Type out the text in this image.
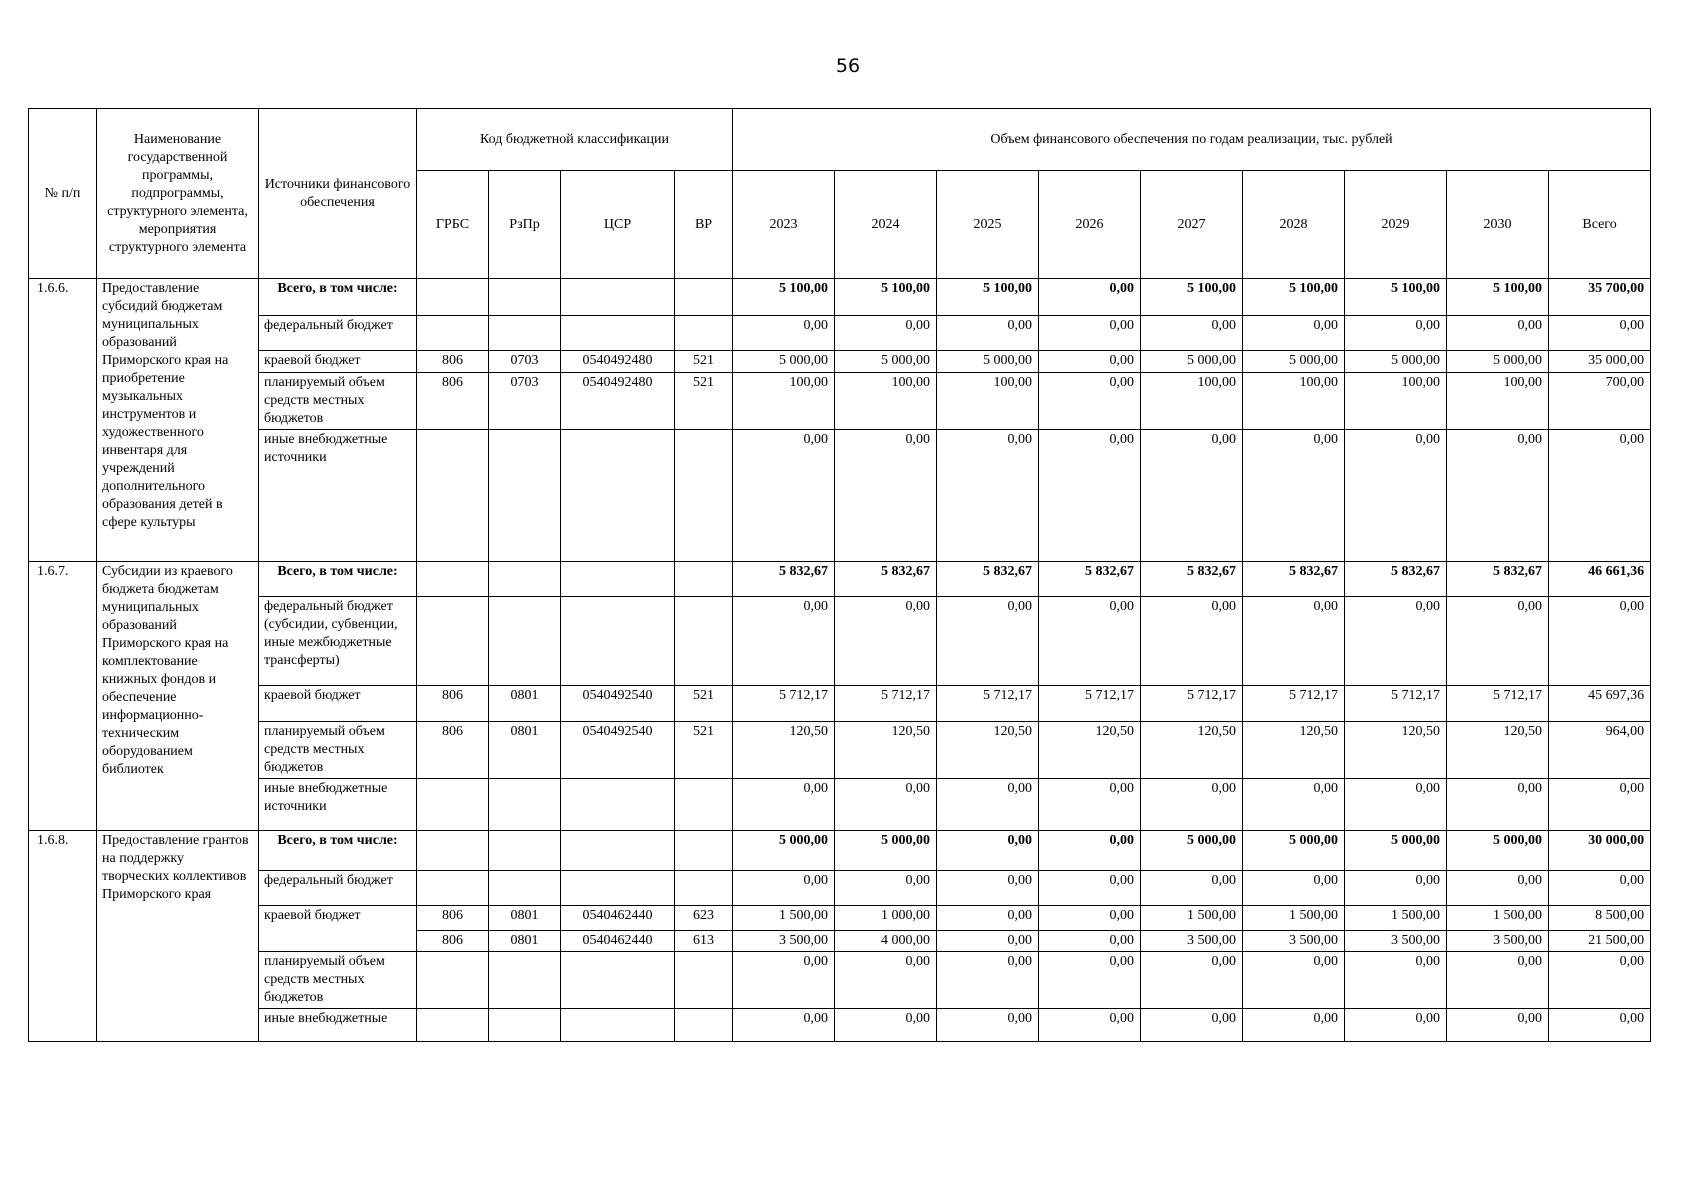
56
№ п/п	Наименование государственной программы, подпрограммы, структурного элемента, мероприятия структурного элемента	Источники финансового обеспечения	Код бюджетной классификации				Объем финансового обеспечения по годам реализации, тыс. рублей								
			ГРБС	РзПр	ЦСР	ВР	2023	2024	2025	2026	2027	2028	2029	2030	Всего
1.6.6.	Предоставление субсидий бюджетам муниципальных образований Приморского края на приобретение музыкальных инструментов и художественного инвентаря для учреждений дополнительного образования детей в сфере культуры	Всего, в том числе:					5 100,00	5 100,00	5 100,00	0,00	5 100,00	5 100,00	5 100,00	5 100,00	35 700,00
		федеральный бюджет					0,00	0,00	0,00	0,00	0,00	0,00	0,00	0,00	0,00
		краевой бюджет	806	0703	0540492480	521	5 000,00	5 000,00	5 000,00	0,00	5 000,00	5 000,00	5 000,00	5 000,00	35 000,00
		планируемый объем средств местных бюджетов	806	0703	0540492480	521	100,00	100,00	100,00	0,00	100,00	100,00	100,00	100,00	700,00
		иные внебюджетные источники					0,00	0,00	0,00	0,00	0,00	0,00	0,00	0,00	0,00
1.6.7.	Субсидии из краевого бюджета бюджетам муниципальных образований Приморского края на комплектование книжных фондов и обеспечение информационно-техническим оборудованием библиотек	Всего, в том числе:					5 832,67	5 832,67	5 832,67	5 832,67	5 832,67	5 832,67	5 832,67	5 832,67	46 661,36
		федеральный бюджет (субсидии, субвенции, иные межбюджетные трансферты)					0,00	0,00	0,00	0,00	0,00	0,00	0,00	0,00	0,00
		краевой бюджет	806	0801	0540492540	521	5 712,17	5 712,17	5 712,17	5 712,17	5 712,17	5 712,17	5 712,17	5 712,17	45 697,36
		планируемый объем средств местных бюджетов	806	0801	0540492540	521	120,50	120,50	120,50	120,50	120,50	120,50	120,50	120,50	964,00
		иные внебюджетные источники					0,00	0,00	0,00	0,00	0,00	0,00	0,00	0,00	0,00
1.6.8.	Предоставление грантов на поддержку творческих коллективов Приморского края	Всего, в том числе:					5 000,00	5 000,00	0,00	0,00	5 000,00	5 000,00	5 000,00	5 000,00	30 000,00
		федеральный бюджет					0,00	0,00	0,00	0,00	0,00	0,00	0,00	0,00	0,00
		краевой бюджет	806	0801	0540462440	623	1 500,00	1 000,00	0,00	0,00	1 500,00	1 500,00	1 500,00	1 500,00	8 500,00
			806	0801	0540462440	613	3 500,00	4 000,00	0,00	0,00	3 500,00	3 500,00	3 500,00	3 500,00	21 500,00
		планируемый объем средств местных бюджетов					0,00	0,00	0,00	0,00	0,00	0,00	0,00	0,00	0,00
		иные внебюджетные					0,00	0,00	0,00	0,00	0,00	0,00	0,00	0,00	0,00
